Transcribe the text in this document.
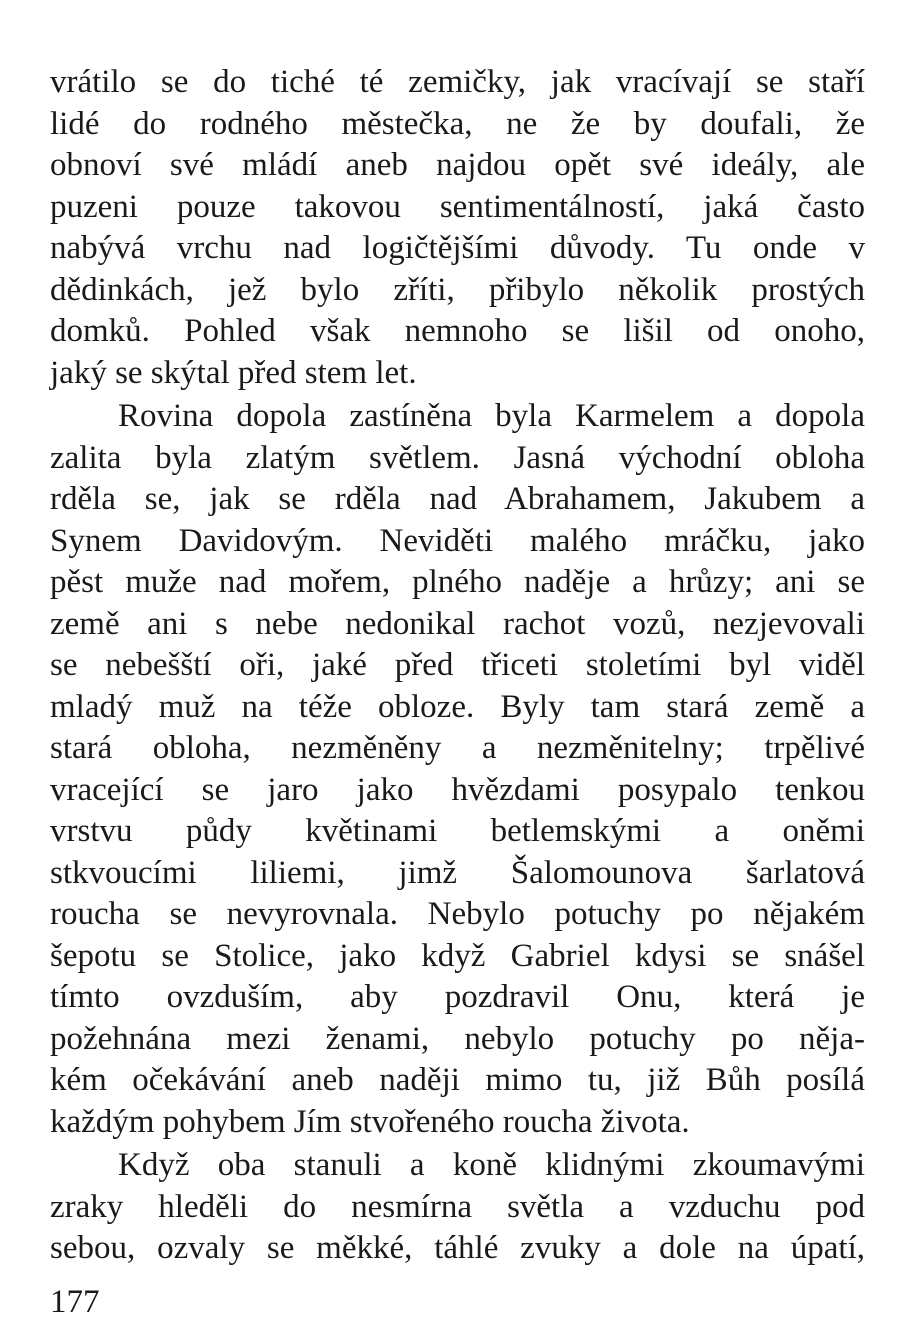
vrátilo se do tiché té zemičky, jak vracívají se staří
lidé do rodného městečka, ne že by doufali, že
obnoví své mládí aneb najdou opět své ideály, ale
puzeni pouze takovou sentimentálností, jaká často
nabývá vrchu nad logičtějšími důvody. Tu onde v
dědinkách, jež bylo zříti, přibylo několik prostých
domků. Pohled však nemnoho se lišil od onoho,
jaký se skýtal před stem let.
Rovina dopola zastíněna byla Karmelem a dopola
zalita byla zlatým světlem. Jasná východní obloha
rděla se, jak se rděla nad Abrahamem, Jakubem a
Synem Davidovým. Neviděti malého mráčku, jako
pěst muže nad mořem, plného naděje a hrůzy; ani se
země ani s nebe nedonikal rachot vozů, nezjevovali
se nebešští oři, jaké před třiceti stoletími byl viděl
mladý muž na téže obloze. Byly tam stará země a
stará obloha, nezměněny a nezměnitelny; trpělivé
vracející se jaro jako hvězdami posypalo tenkou
vrstvu půdy květinami betlemskými a oněmi
stkvoucími liliemi, jimž Šalomounova šarlatová
roucha se nevyrovnala. Nebylo potuchy po nějakém
šepotu se Stolice, jako když Gabriel kdysi se snášel
tímto ovzduším, aby pozdravil Onu, která je
požehnána mezi ženami, nebylo potuchy po něja-
kém očekávání aneb naději mimo tu, již Bůh posílá
každým pohybem Jím stvořeného roucha života.
Když oba stanuli a koně klidnými zkoumavými
zraky hleděli do nesmírna světla a vzduchu pod
sebou, ozvaly se měkké, táhlé zvuky a dole na úpatí,
177
